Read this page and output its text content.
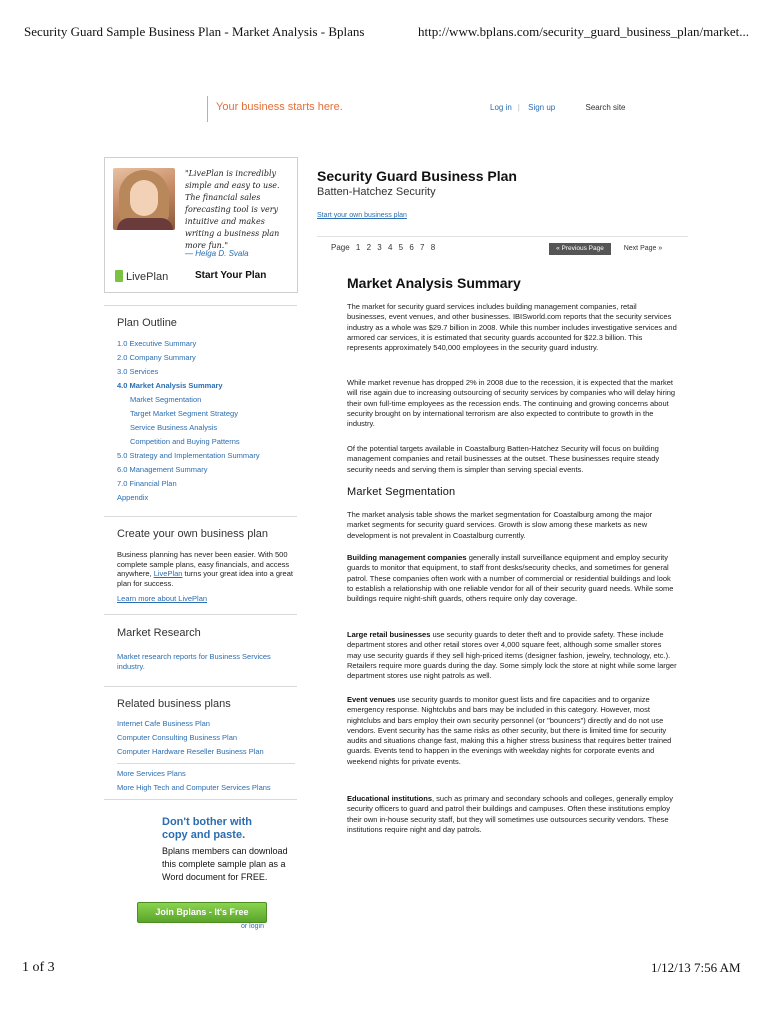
Security Guard Sample Business Plan - Market Analysis - Bplans	http://www.bplans.com/security_guard_business_plan/market...
1 of 3	1/12/13 7:56 AM
Your business starts here.	Log in | Sign up	Search site
"LivePlan is incredibly simple and easy to use. The financial sales forecasting tool is very intuitive and makes writing a business plan more fun."
— Helga D. Svala
LivePlan	Start Your Plan
Plan Outline
1.0 Executive Summary
2.0 Company Summary
3.0 Services
4.0 Market Analysis Summary
Market Segmentation
Target Market Segment Strategy
Service Business Analysis
Competition and Buying Patterns
5.0 Strategy and Implementation Summary
6.0 Management Summary
7.0 Financial Plan
Appendix
Create your own business plan
Business planning has never been easier. With 500 complete sample plans, easy financials, and access anywhere, LivePlan turns your great idea into a great plan for success.
Learn more about LivePlan
Market Research
Market research reports for Business Services industry.
Related business plans
Internet Cafe Business Plan
Computer Consulting Business Plan
Computer Hardware Reseller Business Plan
More Services Plans
More High Tech and Computer Services Plans
Don't bother with copy and paste.
Bplans members can download this complete sample plan as a Word document for FREE.
Join Bplans - It's Free
or login
Security Guard Business Plan
Batten-Hatchez Security
Start your own business plan
Page 1 2 3 4 5 6 7 8	« Previous Page	Next Page »
Market Analysis Summary
The market for security guard services includes building management companies, retail businesses, event venues, and other businesses. IBISworld.com reports that the security services industry as a whole was $29.7 billion in 2008. While this number includes investigative services and armored car services, it is estimated that security guards accounted for $22.3 billion. This represents approximately 540,000 employees in the security guard industry.
While market revenue has dropped 2% in 2008 due to the recession, it is expected that the market will rise again due to increasing outsourcing of security services by companies who will delay hiring their own full-time employees as the recession ends. The continuing and growing concerns about security brought on by international terrorism are also expected to contribute to growth in the industry.
Of the potential targets available in Coastalburg Batten-Hatchez Security will focus on building management companies and retail businesses at the outset. These businesses require steady security needs and serving them is simpler than serving special events.
Market Segmentation
The market analysis table shows the market segmentation for Coastalburg among the major market segments for security guard services. Growth is slow among these markets as new development is not prevalent in Coastalburg currently.
Building management companies generally install surveillance equipment and employ security guards to monitor that equipment, to staff front desks/security checks, and sometimes for general patrol. These companies often work with a number of commercial or residential buildings and look to establish a relationship with one reliable vendor for all of their security guard needs. While some buildings require night-shift guards, others require only day coverage.
Large retail businesses use security guards to deter theft and to provide safety. These include department stores and other retail stores over 4,000 square feet, although some smaller stores may use security guards if they sell high-priced items (designer fashion, jewelry, technology, etc.). Retailers require more guards during the day. Some simply lock the store at night while some larger department stores use night patrols as well.
Event venues use security guards to monitor guest lists and fire capacities and to organize emergency response. Nightclubs and bars may be included in this category. However, most nightclubs and bars employ their own security personnel (or "bouncers") directly and do not use vendors. Event security has the same risks as other security, but there is limited time for security audits and situations change fast, making this a higher stress business that requires better trained guards. Events tend to happen in the evenings with weekday nights for corporate events and weekend nights for private events.
Educational institutions, such as primary and secondary schools and colleges, generally employ security officers to guard and patrol their buildings and campuses. Often these institutions employ their own in-house security staff, but they will sometimes use outsources security vendors. These institutions require night and day patrols.
